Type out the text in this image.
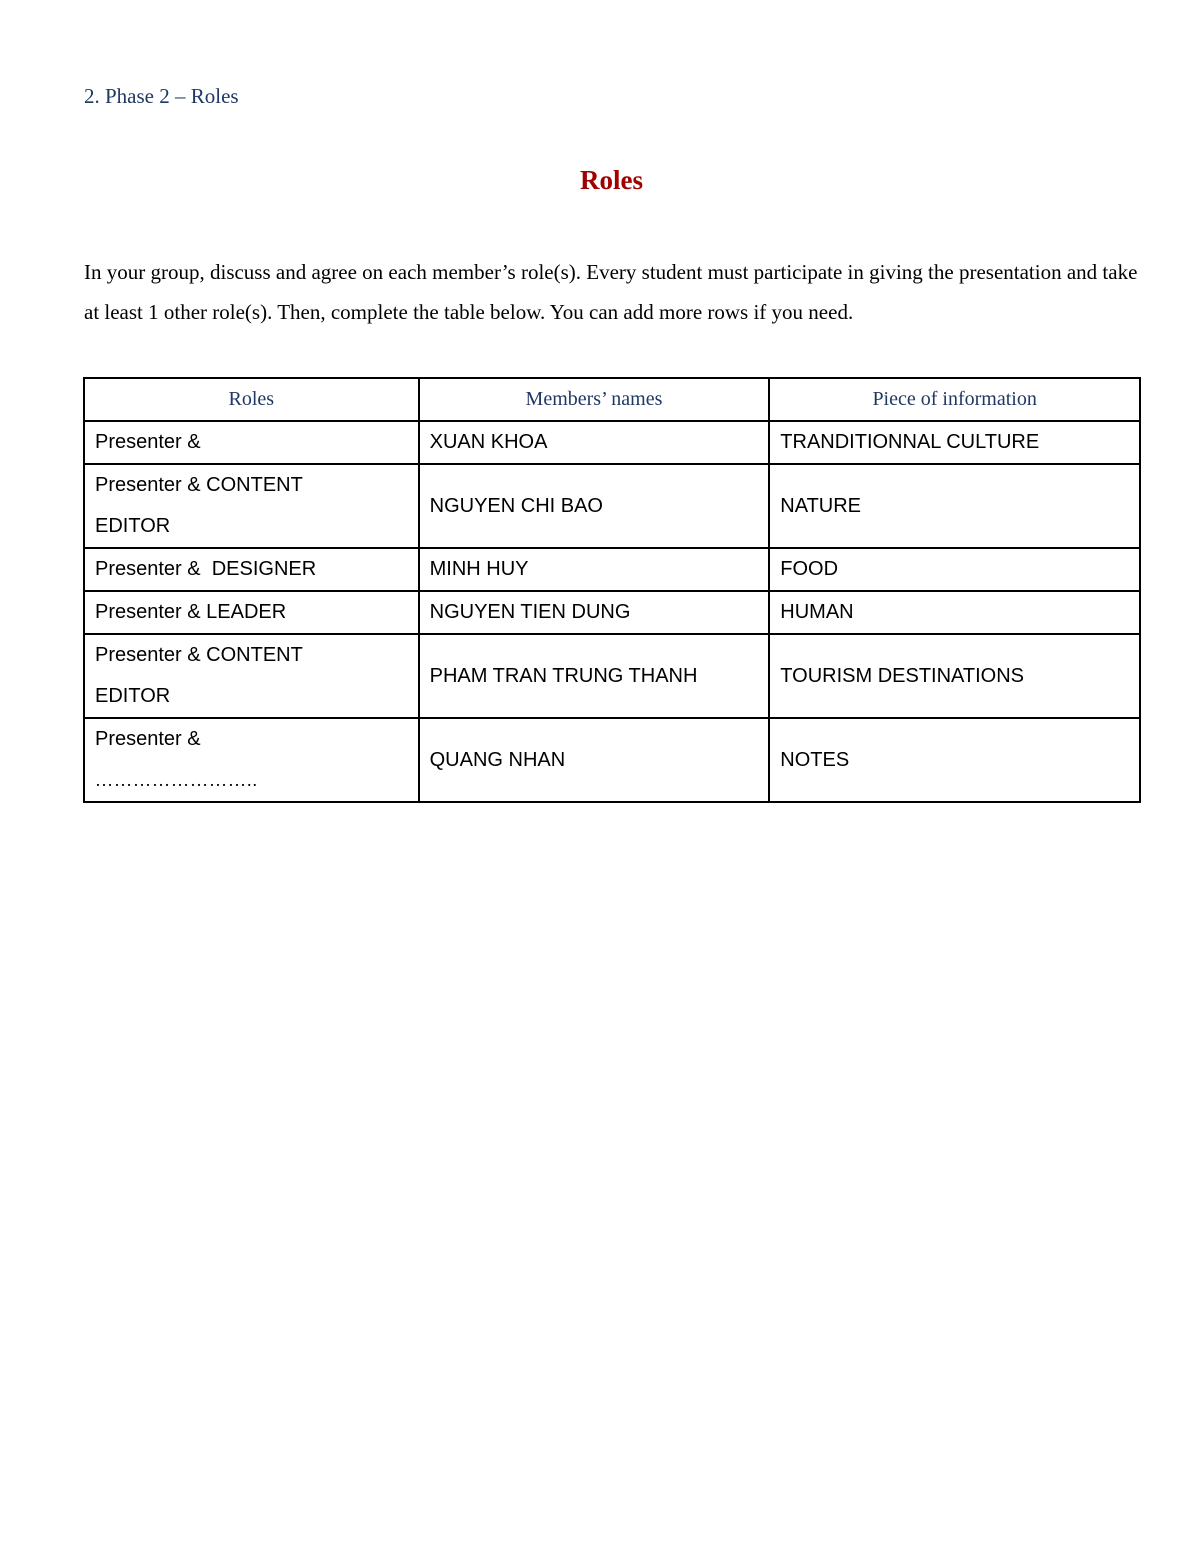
2. Phase 2 – Roles
Roles
In your group, discuss and agree on each member’s role(s). Every student must participate in giving the presentation and take at least 1 other role(s). Then, complete the table below. You can add more rows if you need.
Roles	Members’ names	Piece of information

Presenter &	XUAN KHOA	TRANDITIONNAL CULTURE

Presenter & CONTENT
EDITOR	NGUYEN CHI BAO	NATURE

Presenter &  DESIGNER	MINH HUY	FOOD

Presenter & LEADER	NGUYEN TIEN DUNG	HUMAN

Presenter & CONTENT
EDITOR	PHAM TRAN TRUNG THANH	TOURISM DESTINATIONS

Presenter &
……………………..	QUANG NHAN	NOTES
